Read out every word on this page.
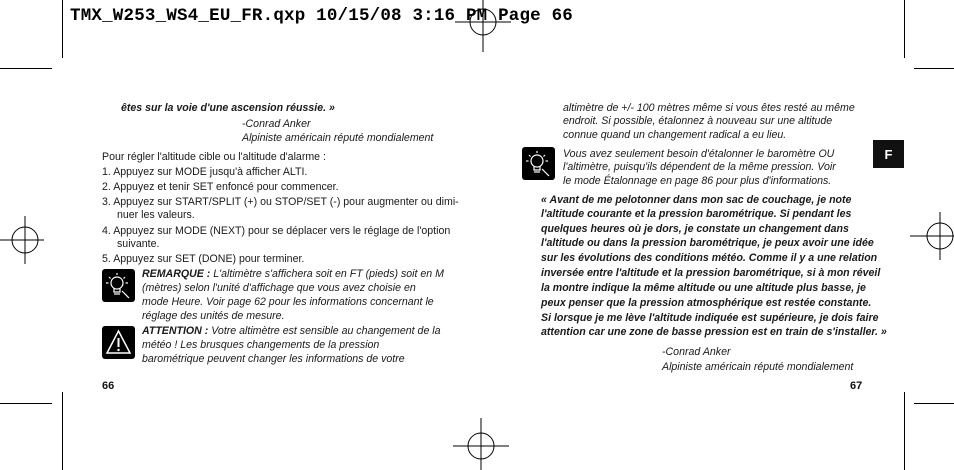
TMX_W253_WS4_EU_FR.qxp 10/15/08 3:16 PM Page 66
êtes sur la voie d'une ascension réussie. »
-Conrad Anker
Alpiniste américain réputé mondialement
Pour régler l'altitude cible ou l'altitude d'alarme :
1. Appuyez sur MODE jusqu'à afficher ALTI.
2. Appuyez et tenir SET enfoncé pour commencer.
3. Appuyez sur START/SPLIT (+) ou STOP/SET (-) pour augmenter ou dimi-
nuer les valeurs.
4. Appuyez sur MODE (NEXT) pour se déplacer vers le réglage de l'option
suivante.
5. Appuyez sur SET (DONE) pour terminer.
REMARQUE : L'altimètre s'affichera soit en FT (pieds) soit en M
(mètres) selon l'unité d'affichage que vous avez choisie en
mode Heure. Voir page 62 pour les informations concernant le
réglage des unités de mesure.
ATTENTION : Votre altimètre est sensible au changement de la
météo ! Les brusques changements de la pression
barométrique peuvent changer les informations de votre
66
altimètre de +/- 100 mètres même si vous êtes resté au même
endroit. Si possible, étalonnez à nouveau sur une altitude
connue quand un changement radical a eu lieu.
Vous avez seulement besoin d'étalonner le baromètre OU
l'altimètre, puisqu'ils dépendent de la même pression. Voir
le mode Étalonnage en page 86 pour plus d'informations.
« Avant de me pelotonner dans mon sac de couchage, je note
l'altitude courante et la pression barométrique. Si pendant les
quelques heures où je dors, je constate un changement dans
l'altitude ou dans la pression barométrique, je peux avoir une idée
sur les évolutions des conditions météo. Comme il y a une relation
inversée entre l'altitude et la pression barométrique, si à mon réveil
la montre indique la même altitude ou une altitude plus basse, je
peux penser que la pression atmosphérique est restée constante.
Si lorsque je me lève l'altitude indiquée est supérieure, je dois faire
attention car une zone de basse pression est en train de s'installer. »
-Conrad Anker
Alpiniste américain réputé mondialement
67
F
